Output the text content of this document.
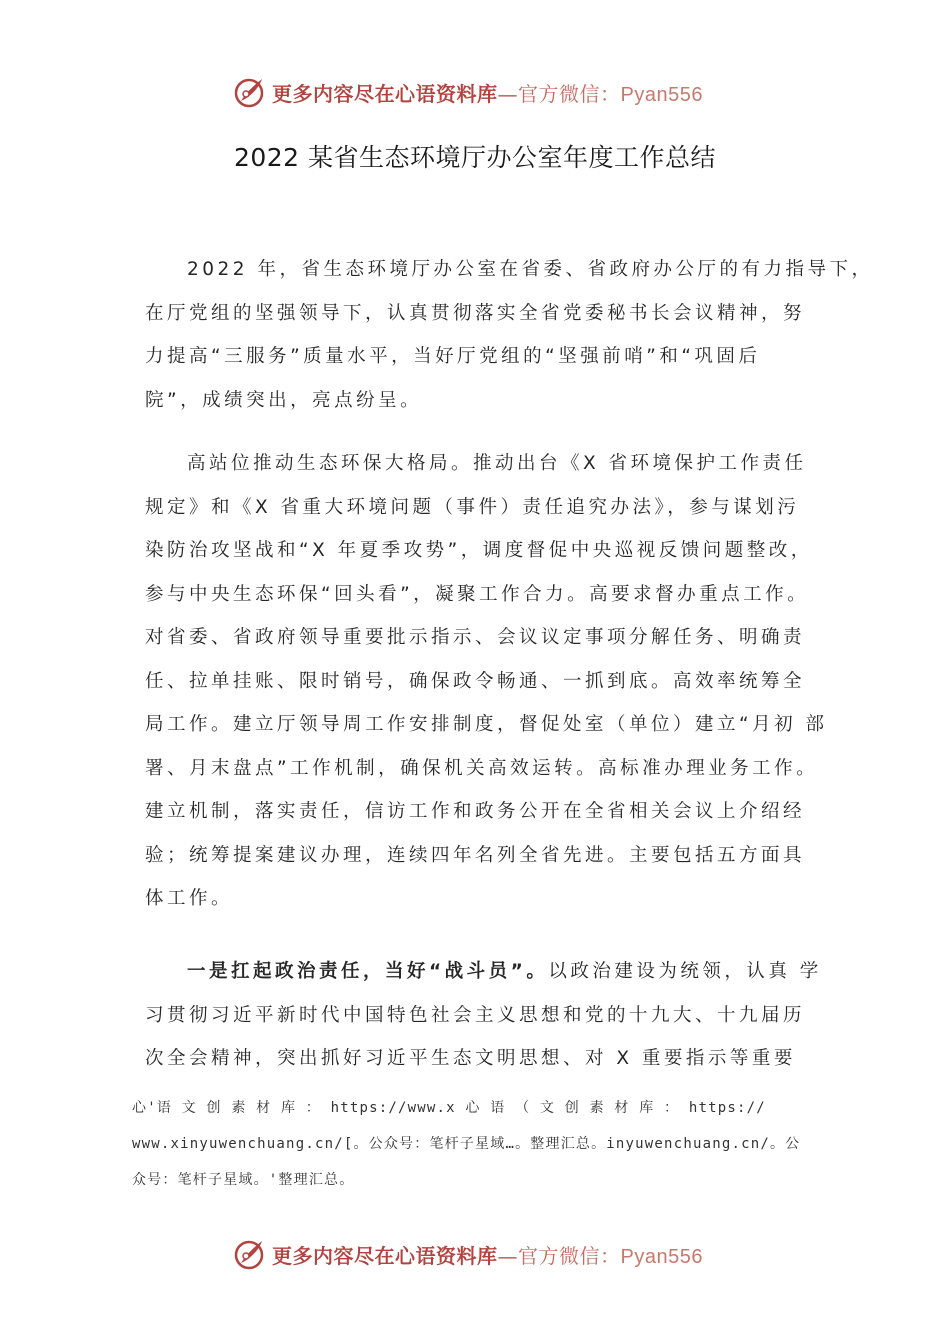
更多内容尽在心语资料库—官方微信：Pyan556
2022 某省生态环境厅办公室年度工作总结
2022 年，省生态环境厅办公室在省委、省政府办公厅的有力指导下，
在厅党组的坚强领导下，认真贯彻落实全省党委秘书长会议精神，努
力提高“三服务”质量水平，当好厅党组的“坚强前哨”和“巩固后
院”，成绩突出，亮点纷呈。
高站位推动生态环保大格局。推动出台《X 省环境保护工作责任
规定》和《X 省重大环境问题（事件）责任追究办法》，参与谋划污
染防治攻坚战和“X 年夏季攻势”，调度督促中央巡视反馈问题整改，
参与中央生态环保“回头看”，凝聚工作合力。高要求督办重点工作。
对省委、省政府领导重要批示指示、会议议定事项分解任务、明确责
任、拉单挂账、限时销号，确保政令畅通、一抓到底。高效率统筹全
局工作。建立厅领导周工作安排制度，督促处室（单位）建立“月初 部
署、月末盘点”工作机制，确保机关高效运转。高标准办理业务工作。
建立机制，落实责任，信访工作和政务公开在全省相关会议上介绍经
验；统筹提案建议办理，连续四年名列全省先进。主要包括五方面具
体工作。
一是扛起政治责任，当好“战斗员”。以政治建设为统领，认真 学
习贯彻习近平新时代中国特色社会主义思想和党的十九大、十九届历
次全会精神，突出抓好习近平生态文明思想、对 X 重要指示等重要
心'语 文 创 素 材 库 ： https://www.x 心 语 （ 文 创 素 材 库 ： https://
www.xinyuwenchuang.cn/[。公众号：笔杆子星域…。整理汇总。inyuwenchuang.cn/。公
众号：笔杆子星域。'整理汇总。
更多内容尽在心语资料库—官方微信：Pyan556
